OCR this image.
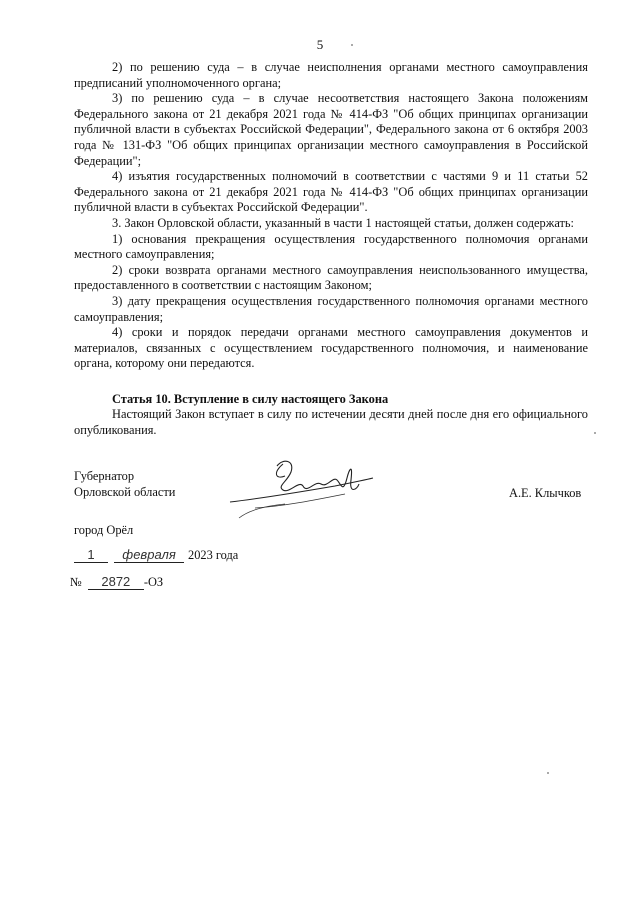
5

2) по решению суда – в случае неисполнения органами местного самоуправления предписаний уполномоченного органа;

3) по решению суда – в случае несоответствия настоящего Закона положениям Федерального закона от 21 декабря 2021 года № 414-ФЗ "Об общих принципах организации публичной власти в субъектах Российской Федерации", Федерального закона от 6 октября 2003 года № 131-ФЗ "Об общих принципах организации местного самоуправления в Российской Федерации";

4) изъятия государственных полномочий в соответствии с частями 9 и 11 статьи 52 Федерального закона от 21 декабря 2021 года № 414-ФЗ "Об общих принципах организации публичной власти в субъектах Российской Федерации".

3. Закон Орловской области, указанный в части 1 настоящей статьи, должен содержать:

1) основания прекращения осуществления государственного полномочия органами местного самоуправления;

2) сроки возврата органами местного самоуправления неиспользованного имущества, предоставленного в соответствии с настоящим Законом;

3) дату прекращения осуществления государственного полномочия органами местного самоуправления;

4) сроки и порядок передачи органами местного самоуправления документов и материалов, связанных с осуществлением государственного полномочия, и наименование органа, которому они передаются.

Статья 10. Вступление в силу настоящего Закона

Настоящий Закон вступает в силу по истечении десяти дней после дня его официального опубликования.

Губернатор
Орловской области	А.Е. Клычков
город Орёл
1	февраля 2023 года
№	2872	-ОЗ
